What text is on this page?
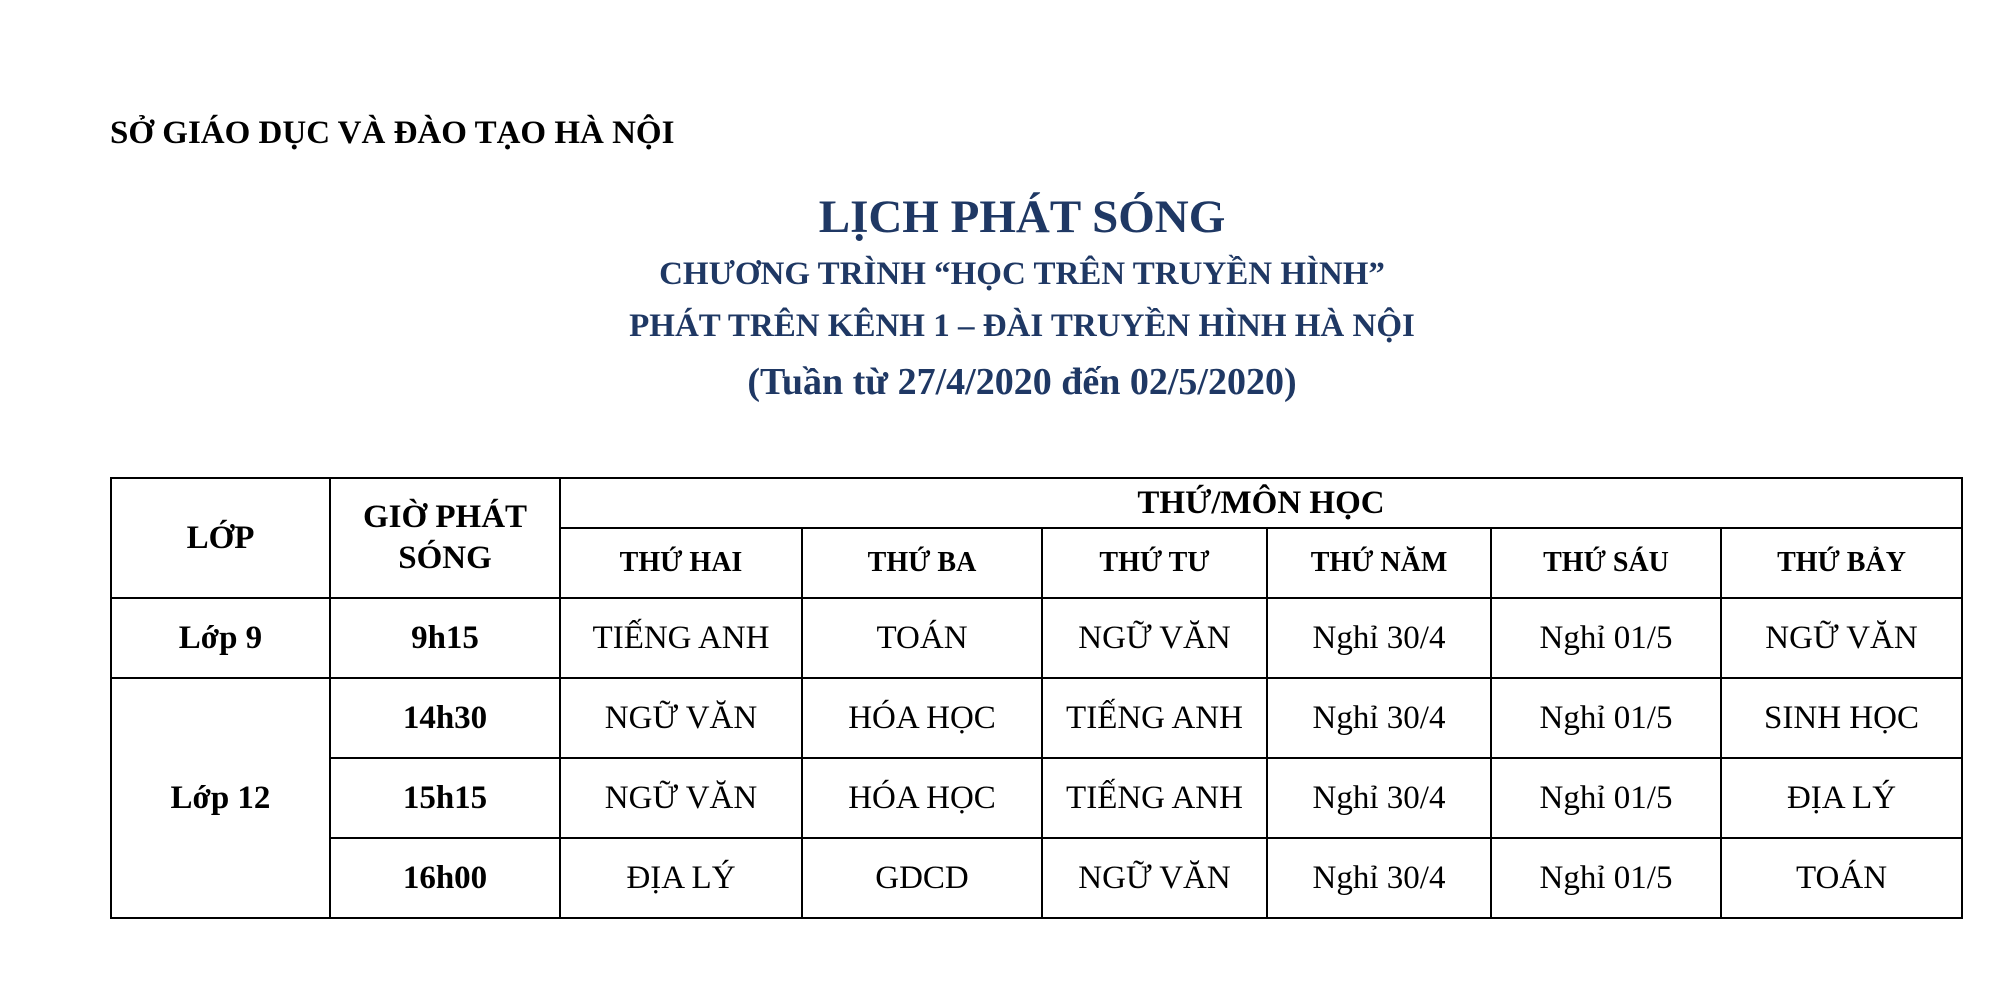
SỞ GIÁO DỤC VÀ ĐÀO TẠO HÀ NỘI
LỊCH PHÁT SÓNG
CHƯƠNG TRÌNH “HỌC TRÊN TRUYỀN HÌNH”
PHÁT TRÊN KÊNH 1 – ĐÀI TRUYỀN HÌNH HÀ NỘI
(Tuần từ 27/4/2020 đến 02/5/2020)
LỚP	GIỜ PHÁT SÓNG	THỨ/MÔN HỌC					
		THỨ HAI	THỨ BA	THỨ TƯ	THỨ NĂM	THỨ SÁU	THỨ BẢY
Lớp 9	9h15	TIẾNG ANH	TOÁN	NGỮ VĂN	Nghỉ 30/4	Nghỉ 01/5	NGỮ VĂN
Lớp 12	14h30	NGỮ VĂN	HÓA HỌC	TIẾNG ANH	Nghỉ 30/4	Nghỉ 01/5	SINH HỌC
	15h15	NGỮ VĂN	HÓA HỌC	TIẾNG ANH	Nghỉ 30/4	Nghỉ 01/5	ĐỊA LÝ
	16h00	ĐỊA LÝ	GDCD	NGỮ VĂN	Nghỉ 30/4	Nghỉ 01/5	TOÁN
